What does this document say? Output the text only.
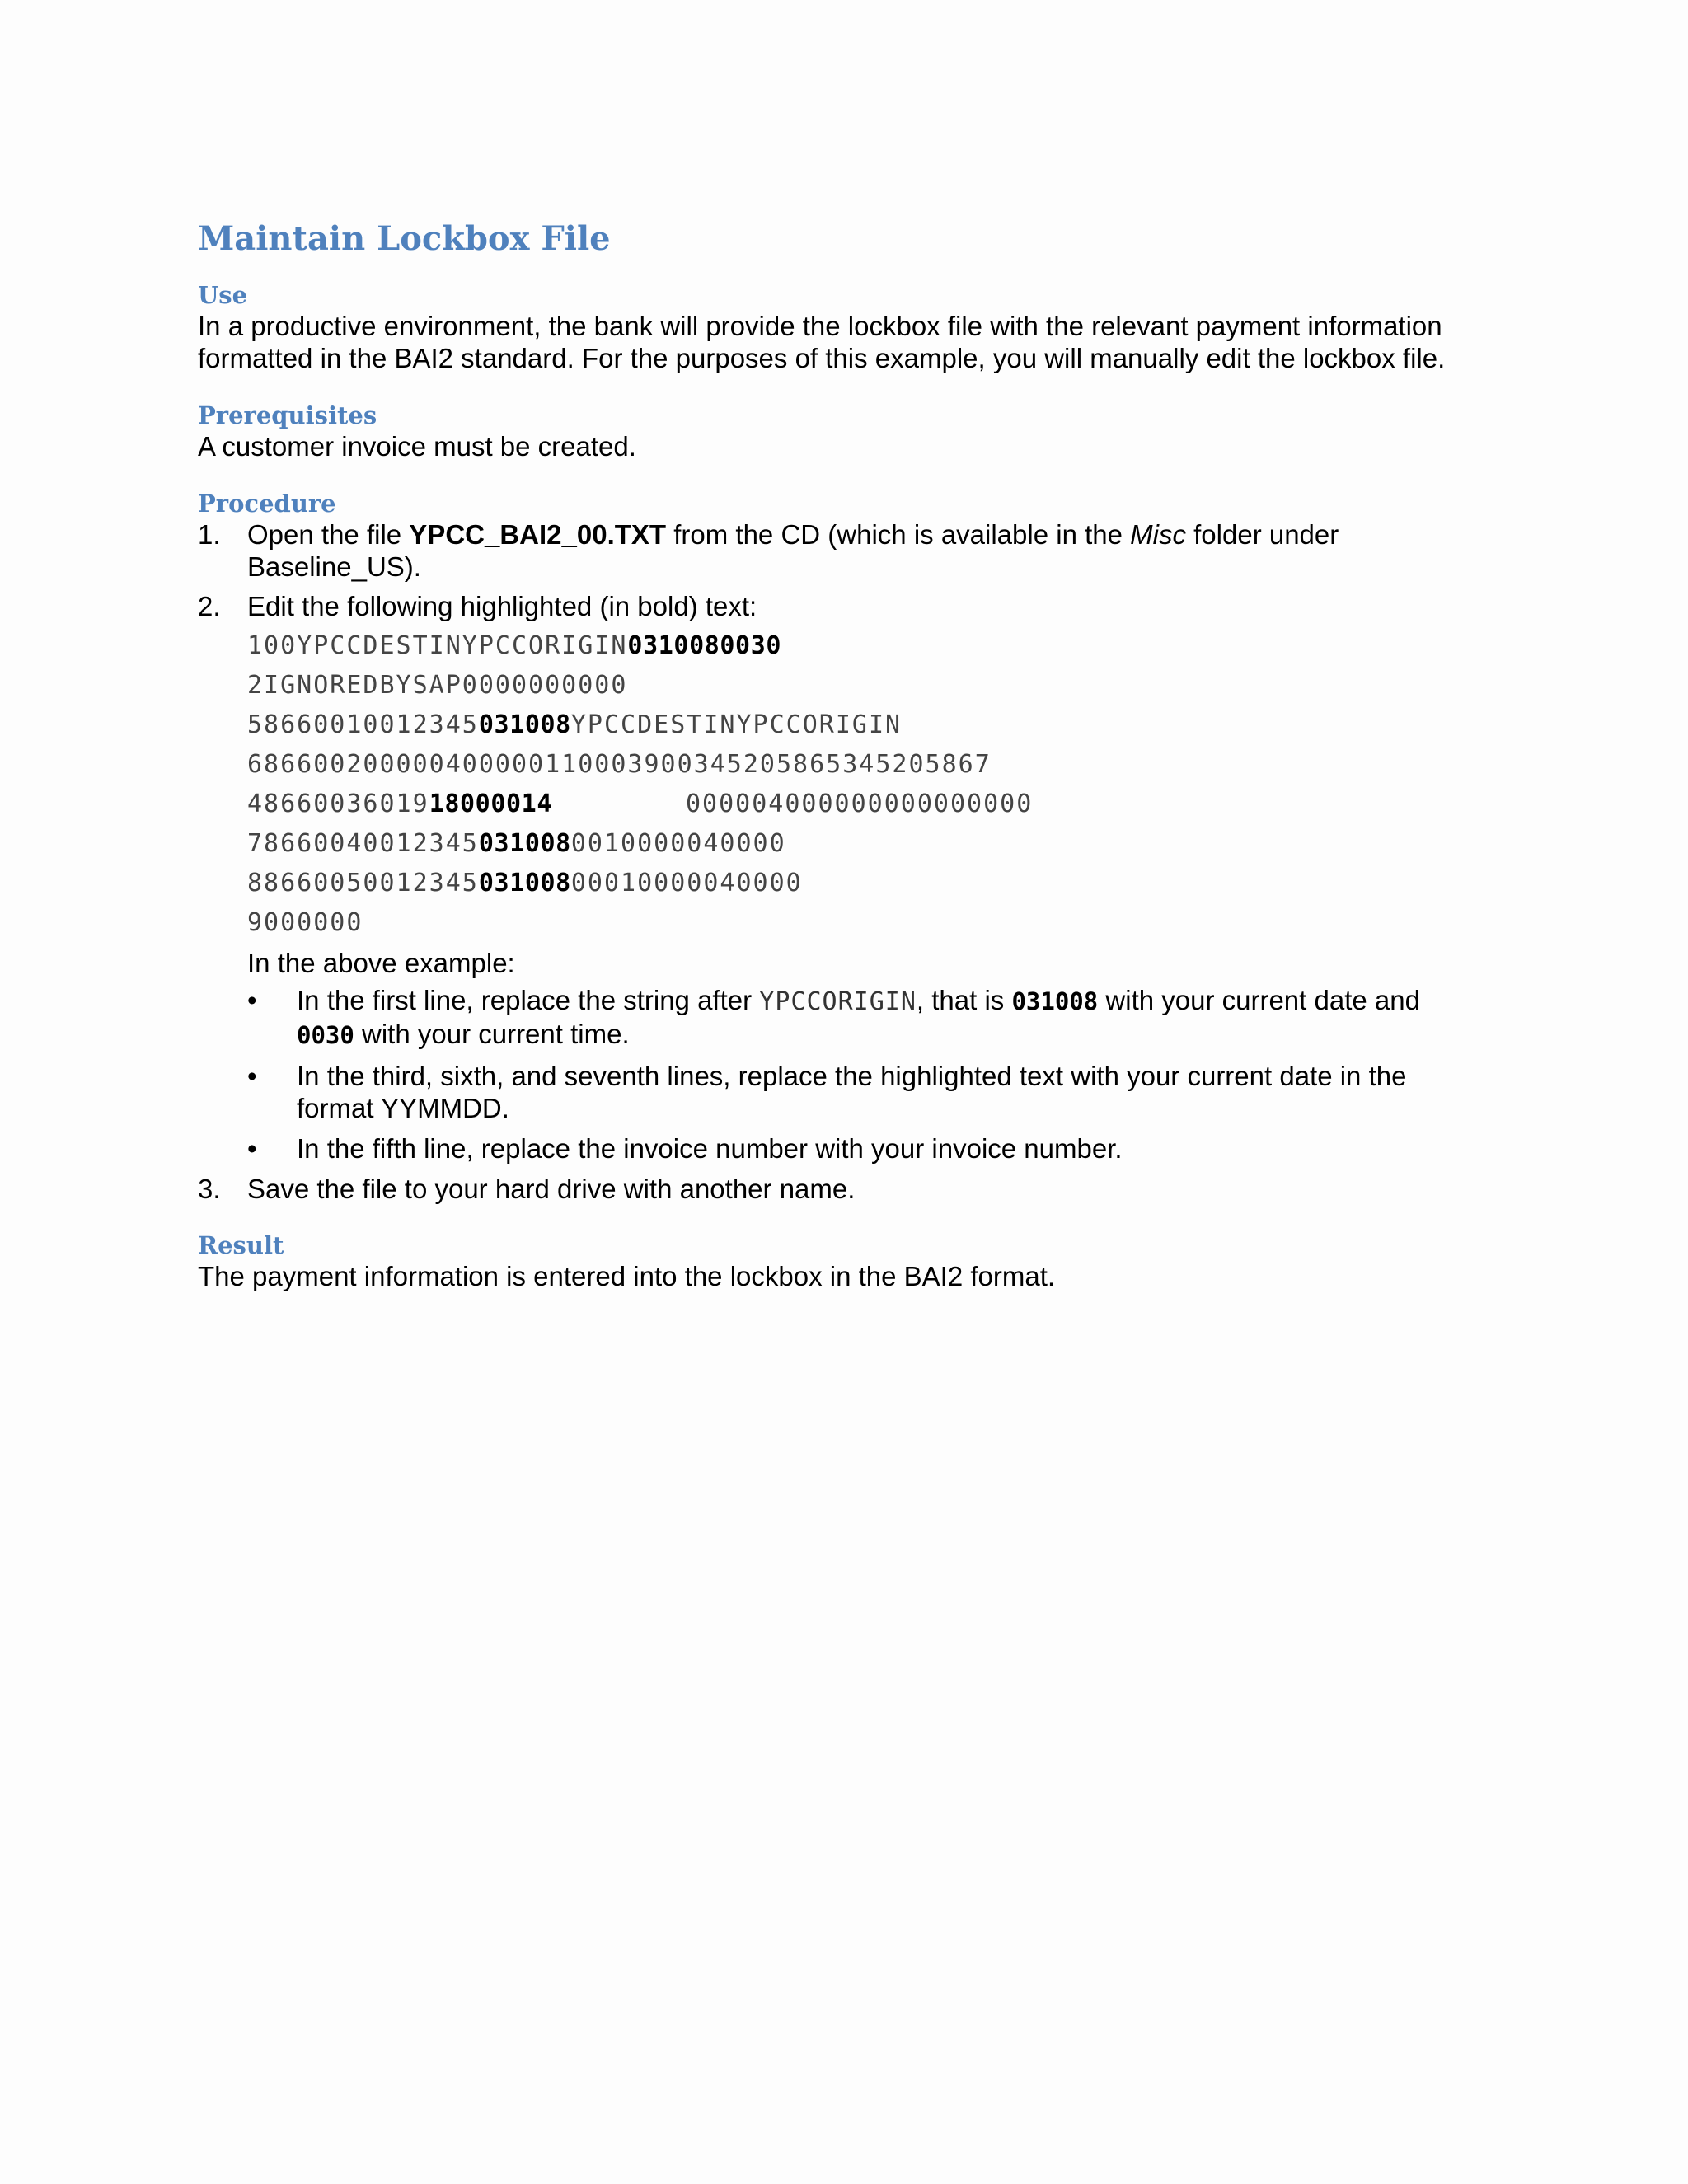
Maintain Lockbox File
Use

In a productive environment, the bank will provide the lockbox file with the relevant payment information
formatted in the BAI2 standard. For the purposes of this example, you will manually edit the lockbox file.

Prerequisites

A customer invoice must be created.

Procedure
1. Open the file YPCC_BAI2_00.TXT from the CD (which is available in the Misc folder under
Baseline_US).
2. Edit the following highlighted (in bold) text:
100YPCCDESTINYPCCORIGIN0310080030
2IGNOREDBYSAP0000000000
58660010012345031008YPCCDESTINYPCCORIGIN
686600200000400000110003900345205865345205867
4866003601918000014	000004000000000000000
786600400123450310080010000040000
8866005001234503100800010000040000
9000000
In the above example:
• In the first line, replace the string after YPCCORIGIN, that is 031008 with your current date and
0030 with your current time.
• In the third, sixth, and seventh lines, replace the highlighted text with your current date in the
format YYMMDD.
• In the fifth line, replace the invoice number with your invoice number.
3. Save the file to your hard drive with another name.
Result

The payment information is entered into the lockbox in the BAI2 format.
